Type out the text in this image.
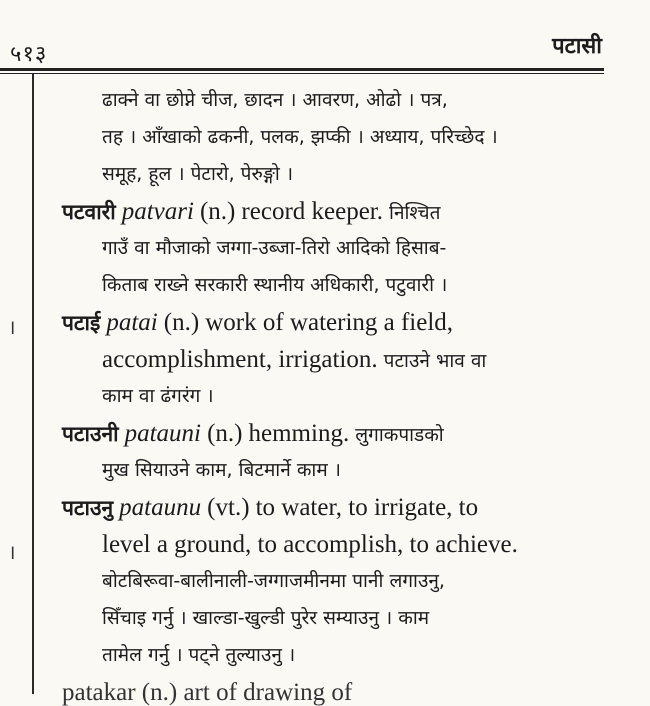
५१३	पटासी
।
।
ढाक्ने वा छोप्ने चीज, छादन । आवरण, ओढो । पत्र,
तह । आँखाको ढकनी, पलक, झप्की । अध्याय, परिच्छेद ।
समूह, हूल । पेटारो, पेरुङ्गो ।
पटवारी patvari (n.) record keeper. निश्चित
गाउँ वा मौजाको जग्गा-उब्जा-तिरो आदिको हिसाब-
किताब राख्ने सरकारी स्थानीय अधिकारी, पटुवारी ।
पटाई patai (n.) work of watering a field,
accomplishment, irrigation. पटाउने भाव वा
काम वा ढंगरंग ।
पटाउनी patauni (n.) hemming. लुगाकपाडको
मुख सियाउने काम, बिटमार्ने काम ।
पटाउनु pataunu (vt.) to water, to irrigate, to
level a ground, to accomplish, to achieve.
बोटबिरूवा-बालीनाली-जग्गाजमीनमा पानी लगाउनु,
सिँचाइ गर्नु । खाल्डा-खुल्डी पुरेर सम्याउनु । काम
तामेल गर्नु । पट्ने तुल्याउनु ।
patakar (n.) art of drawing of
